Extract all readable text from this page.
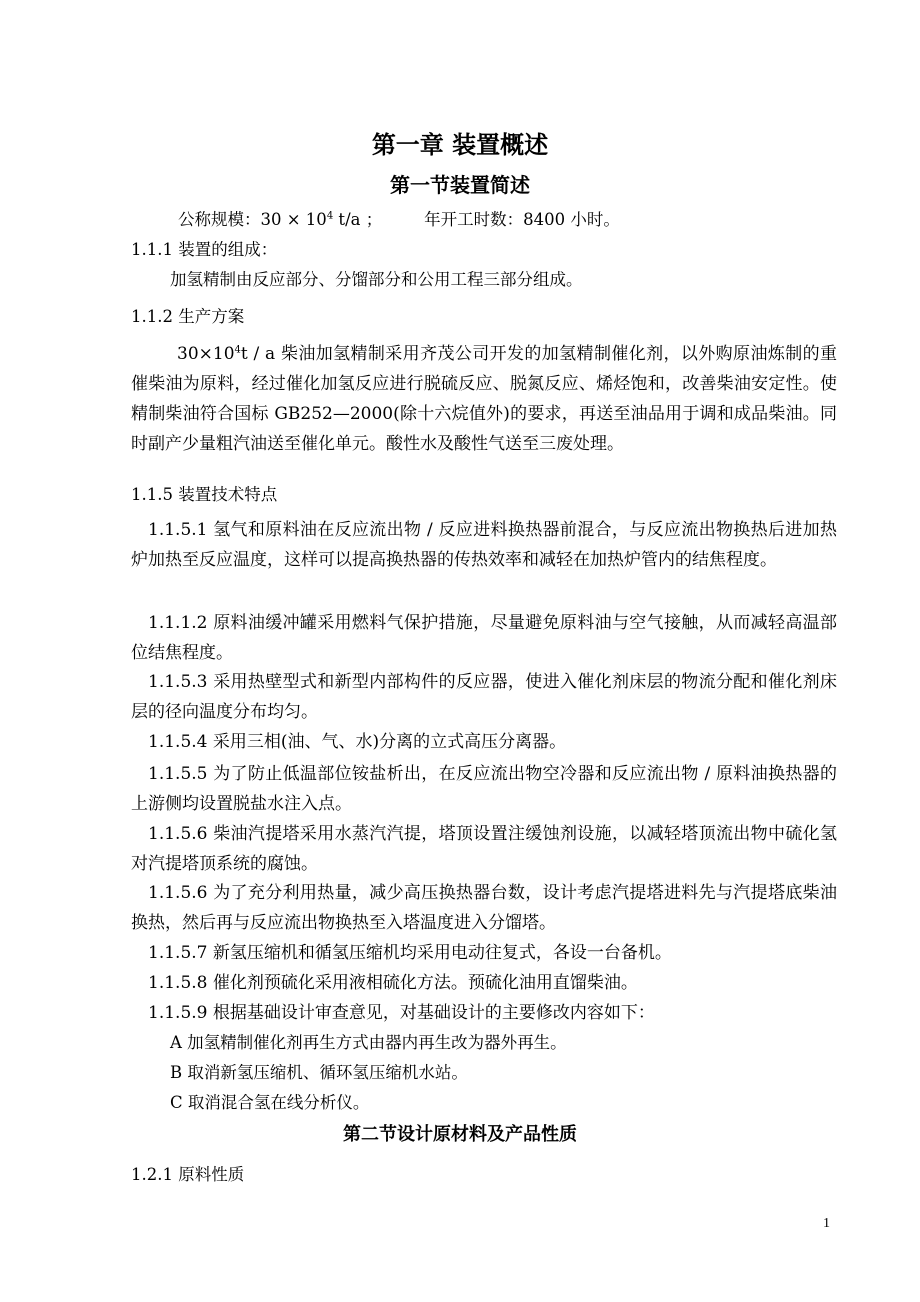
第一章 装置概述
第一节装置简述

公称规模：$30 \times 10^4$ t/a ；        年开工时数：8400 小时。

1.1.1 装置的组成：

加氢精制由反应部分、分馏部分和公用工程三部分组成。

1.1.2 生产方案

$30\times 10^4t / a$ 柴油加氢精制采用齐茂公司开发的加氢精制催化剂，以外购原油炼制的重催柴油为原料，经过催化加氢反应进行脱硫反应、脱氮反应、烯烃饱和，改善柴油安定性。使精制柴油符合国标 GB252—2000(除十六烷值外)的要求，再送至油品用于调和成品柴油。同时副产少量粗汽油送至催化单元。酸性水及酸性气送至三废处理。

1.1.5 装置技术特点

1.1.5.1 氢气和原料油在反应流出物 / 反应进料换热器前混合，与反应流出物换热后进加热炉加热至反应温度，这样可以提高换热器的传热效率和减轻在加热炉管内的结焦程度。

1.1.1.2 原料油缓冲罐采用燃料气保护措施，尽量避免原料油与空气接触，从而减轻高温部位结焦程度。

1.1.5.3 采用热壁型式和新型内部构件的反应器，使进入催化剂床层的物流分配和催化剂床层的径向温度分布均匀。

1.1.5.4 采用三相(油、气、水)分离的立式高压分离器。

1.1.5.5 为了防止低温部位铵盐析出，在反应流出物空冷器和反应流出物 / 原料油换热器的上游侧均设置脱盐水注入点。

1.1.5.6 柴油汽提塔采用水蒸汽汽提，塔顶设置注缓蚀剂设施，以减轻塔顶流出物中硫化氢对汽提塔顶系统的腐蚀。

1.1.5.6 为了充分利用热量，减少高压换热器台数，设计考虑汽提塔进料先与汽提塔底柴油换热，然后再与反应流出物换热至入塔温度进入分馏塔。

1.1.5.7 新氢压缩机和循氢压缩机均采用电动往复式，各设一台备机。

1.1.5.8 催化剂预硫化采用液相硫化方法。预硫化油用直馏柴油。

1.1.5.9 根据基础设计审查意见，对基础设计的主要修改内容如下：

A 加氢精制催化剂再生方式由器内再生改为器外再生。

B 取消新氢压缩机、循环氢压缩机水站。

C 取消混合氢在线分析仪。

第二节设计原材料及产品性质

1.2.1 原料性质

1
